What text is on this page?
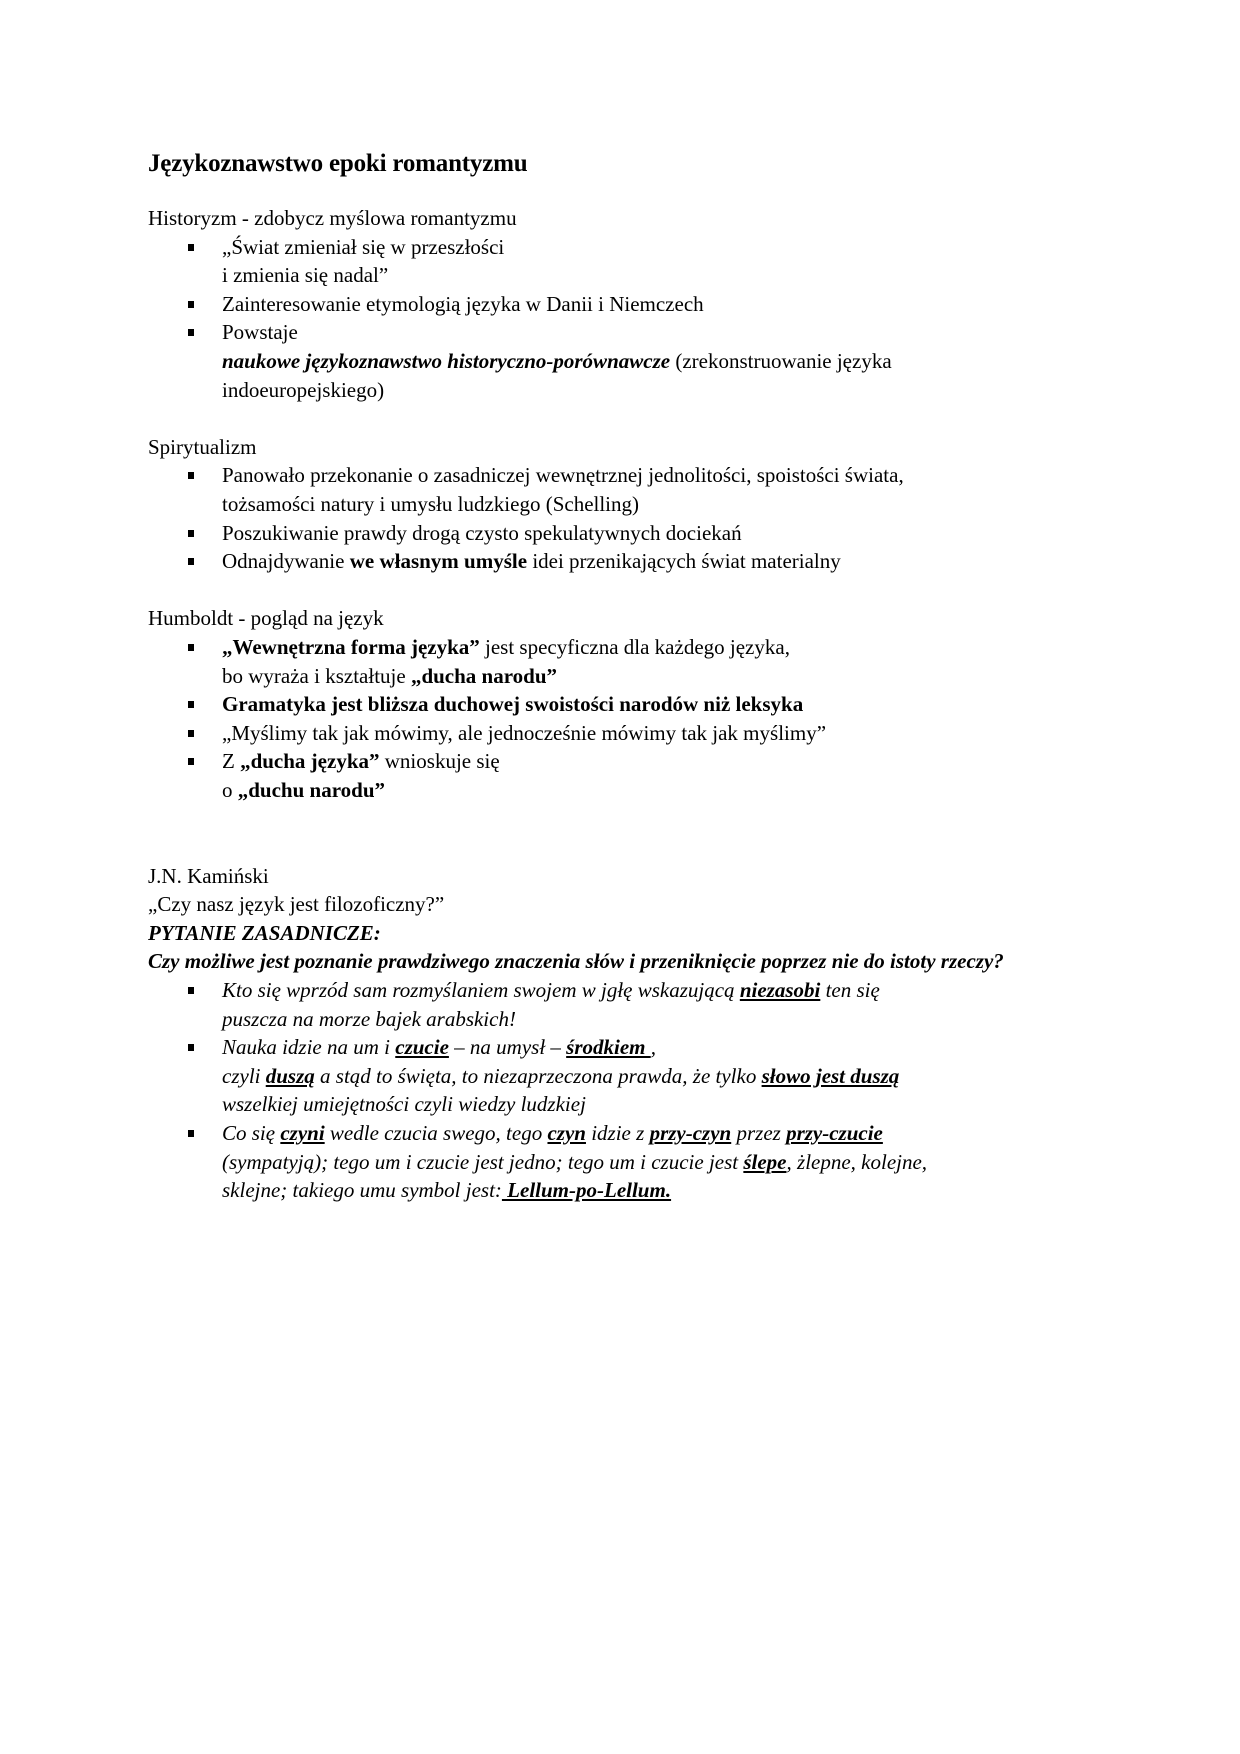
Językoznawstwo epoki romantyzmu

Historyzm - zdobycz myślowa romantyzmu

„Świat zmieniał się w przeszłości
i zmienia się nadal”
Zainteresowanie etymologią języka w Danii i Niemczech
Powstaje
naukowe językoznawstwo historyczno-porównawcze (zrekonstruowanie języka
indoeuropejskiego)

Spirytualizm

Panowało przekonanie o zasadniczej wewnętrznej jednolitości, spoistości świata,
tożsamości natury i umysłu ludzkiego (Schelling)
Poszukiwanie prawdy drogą czysto spekulatywnych dociekań
Odnajdywanie we własnym umyśle idei przenikających świat materialny

Humboldt - pogląd na język

„Wewnętrzna forma języka” jest specyficzna dla każdego języka,
bo wyraża i kształtuje „ducha narodu”
Gramatyka jest bliższa duchowej swoistości narodów niż leksyka
„Myślimy tak jak mówimy, ale jednocześnie mówimy tak jak myślimy”
Z „ducha języka” wnioskuje się
o „duchu narodu”

J.N. Kamiński

„Czy nasz język jest filozoficzny?”

PYTANIE ZASADNICZE:

Czy możliwe jest poznanie prawdziwego znaczenia słów i przeniknięcie poprzez nie do istoty rzeczy?

Kto się wprzód sam rozmyślaniem swojem w jgłę wskazującą niezasobi ten się
puszcza na morze bajek arabskich!
Nauka idzie na um i czucie – na umysł – środkiem ,
czyli duszą a stąd to święta, to niezaprzeczona prawda, że tylko słowo jest duszą
wszelkiej umiejętności czyli wiedzy ludzkiej
Co się czyni wedle czucia swego, tego czyn idzie z przy-czyn przez przy-czucie
(sympatyją); tego um i czucie jest jedno; tego um i czucie jest ślepe, żlepne, kolejne,
sklejne; takiego umu symbol jest: Lellum-po-Lellum.
